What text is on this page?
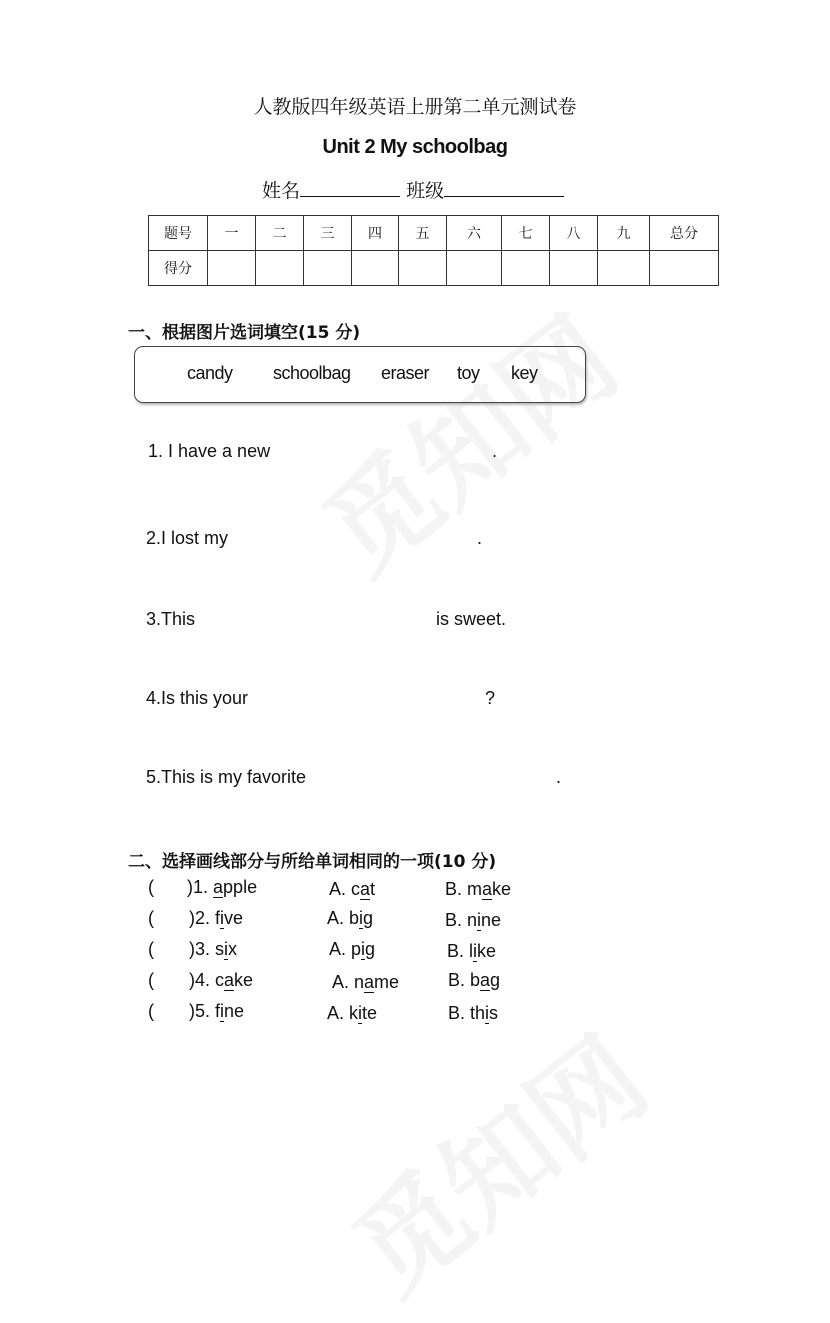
人教版四年级英语上册第二单元测试卷
Unit 2 My schoolbag
姓名	班级
题号	一	二	三	四	五	六	七	八	九	总分
得分										
一、根据图片选词填空(15 分)
candy schoolbag eraser toy key
1. I have a new	.
2.I lost my	.
3.This	is sweet.
4.Is this your	?
5.This is my favorite	.
二、选择画线部分与所给单词相同的一项(10 分)
( )1. apple	A. cat	B. make
( )2. five	A. big	B. nine
( )3. six	A. pig	B. like
( )4. cake	A. name	B. bag
( )5. fine	A. kite	B. this
